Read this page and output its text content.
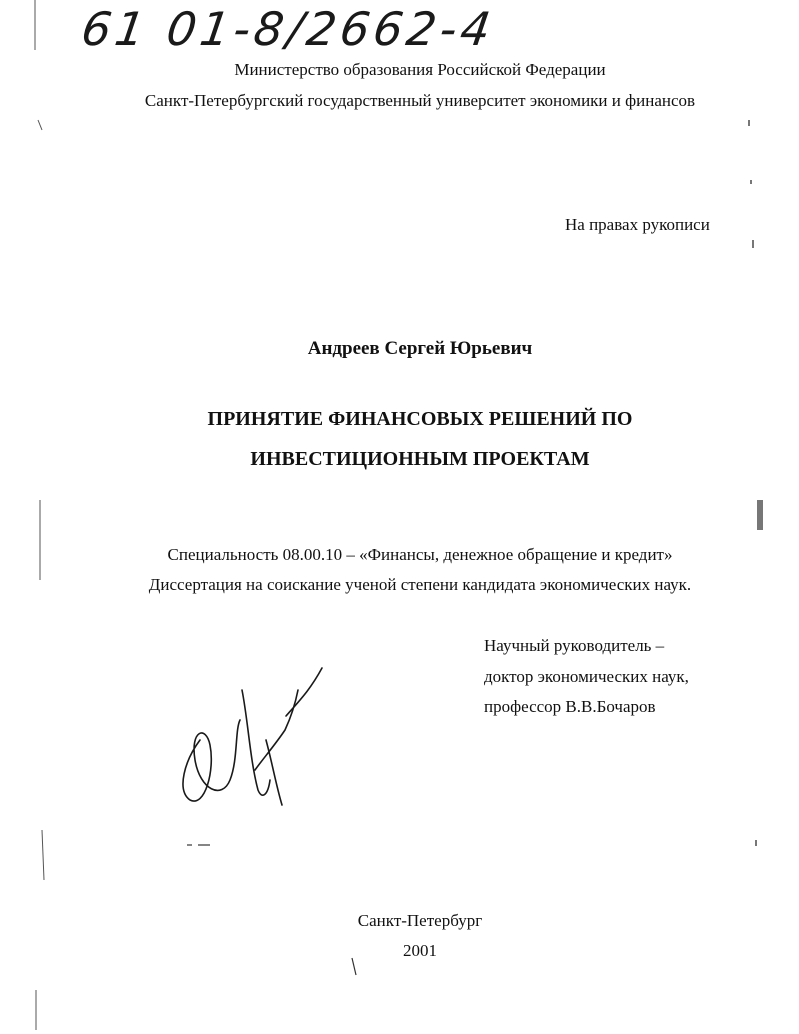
61 01-8/2662-4
Министерство образования Российской Федерации
Санкт-Петербургский государственный университет экономики и финансов
На правах рукописи
Андреев Сергей Юрьевич
ПРИНЯТИЕ ФИНАНСОВЫХ РЕШЕНИЙ ПО
ИНВЕСТИЦИОННЫМ ПРОЕКТАМ
Специальность 08.00.10 – «Финансы, денежное обращение и кредит»
Диссертация на соискание ученой степени кандидата экономических наук.
Научный руководитель –
доктор экономических наук,
профессор В.В.Бочаров
Санкт-Петербург
2001
